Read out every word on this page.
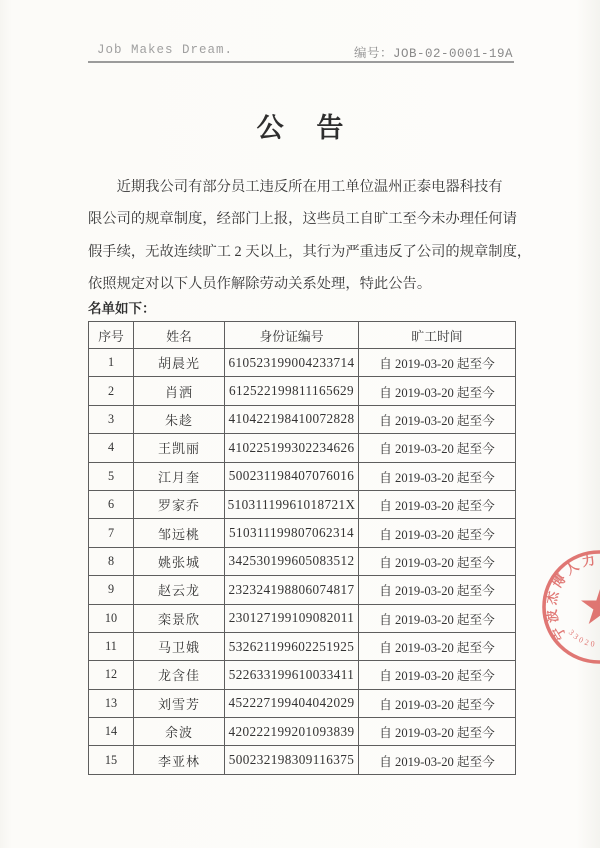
Job Makes Dream.	编号：JOB-02-0001-19A
公 告
近期我公司有部分员工违反所在用工单位温州正泰电器科技有
限公司的规章制度，经部门上报，这些员工自旷工至今未办理任何请
假手续，无故连续旷工 2 天以上，其行为严重违反了公司的规章制度，
依照规定对以下人员作解除劳动关系处理，特此公告。
名单如下：
序号	姓名	身份证编号	旷工时间
1	胡晨光	610523199004233714	自 2019-03-20 起至今
2	肖洒	612522199811165629	自 2019-03-20 起至今
3	朱趁	410422198410072828	自 2019-03-20 起至今
4	王凯丽	410225199302234626	自 2019-03-20 起至今
5	江月奎	500231198407076016	自 2019-03-20 起至今
6	罗家乔	51031119961018721X	自 2019-03-20 起至今
7	邹远桃	510311199807062314	自 2019-03-20 起至今
8	姚张城	342530199605083512	自 2019-03-20 起至今
9	赵云龙	232324198806074817	自 2019-03-20 起至今
10	栾景欣	230127199109082011	自 2019-03-20 起至今
11	马卫娥	532621199602251925	自 2019-03-20 起至今
12	龙含佳	522633199610033411	自 2019-03-20 起至今
13	刘雪芳	452227199404042029	自 2019-03-20 起至今
14	余波	420222199201093839	自 2019-03-20 起至今
15	李亚林	500232198309116375	自 2019-03-20 起至今
宁波杰博人力
33020
